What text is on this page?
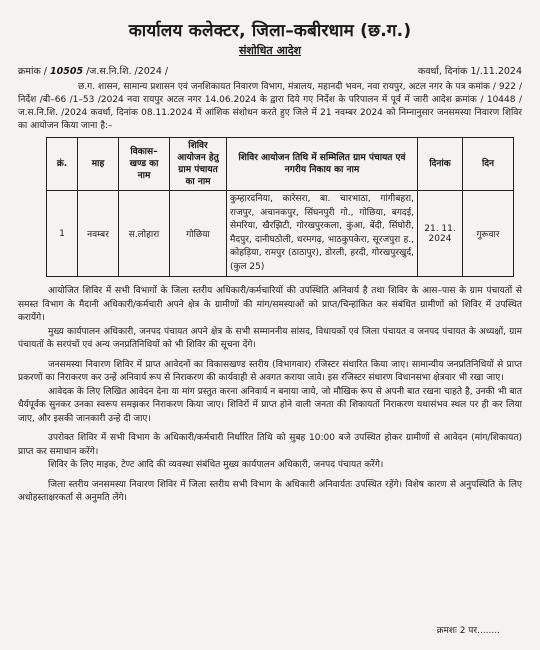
कार्यालय कलेक्टर, जिला–कबीरधाम (छ.ग.)
संशोधित आदेश
क्रमांक / 10505 /ज.स.नि.शि. /2024 /	कवर्धा, दिनांक 1/.11.2024

छ.ग. शासन, सामान्य प्रशासन एवं जनशिकायत निवारण विभाग, मंत्रालय, महानदी भवन, नवा रायपुर, अटल नगर के पत्र कमांक / 922 /निर्देश /बी–66 /1–53 /2024 नवा रायपुर अटल नगर 14.06.2024 के द्वारा दिये गए निर्देश के परिपालन में पूर्व में जारी आदेश क्रमांक / 10448 /ज.स.नि.शि. /2024 कवर्धा, दिनांक 08.11.2024 में आंशिक संशोधन करते हुए जिले में 21 नवम्बर 2024 को निम्नानुसार जनसमस्या निवारण शिविर का आयोजन किया जाना है:–

क्रं.	माह	विकास– खण्ड का नाम	शिविर आयोजन हेतु ग्राम पंचायत का नाम	शिविर आयोजन तिथि में सम्मिलित ग्राम पंचायत एवं नगरीय निकाय का नाम	दिनांक	दिन
1	नवम्बर	स.लोहारा	गोछिया	कुम्हारदनिया, कारेसरा, बा. चारभाठा, गांगीबहरा, राजपुर, अचानकपुर, सिंघनपुरी गो., गोछिया, बगदई, सेमरिया, खैरझिटी, गोरखपुरकला, कुंआ, बेंदी, सिंघोरी, मैदपुर, दानीघठोली, धरमगढ़, भाठकुपकेरा, सूरजपुरा ह., कोहड़िया, रामपुर (ठाठापुर), डोरली, हरदी, गोरखपुरखुर्द, (कुल 25)	21. 11. 2024	गुरूवार

आयोजित शिविर में सभी विभागों के जिला स्तरीय अधिकारी/कर्मचारियों की उपस्थिति अनिवार्य है तथा शिविर के आस–पास के ग्राम पंचायतों से समस्त विभाग के मैदानी अधिकारी/कर्मचारी अपने क्षेत्र के ग्रामीणों की मांग/समस्याओं को प्राप्त/चिन्हांकित कर संबंधित ग्रामीणों को शिविर में उपस्थित करायेंगे।

मुख्य कार्यपालन अधिकारी, जनपद पंचायत अपने क्षेत्र के सभी सम्माननीय सांसद, विधायकों एवं जिला पंचायत व जनपद पंचायत के अध्यक्षों, ग्राम पंचायतों के सरपंचों एवं अन्य जनप्रतिनिधियों को भी शिविर की सूचना देंगे।

जनसमस्या निवारण शिविर में प्राप्त आवेदनों का विकासखण्ड स्तरीय (विभागवार) रजिस्टर संधारित किया जाए। सामान्यीय जनप्रतिनिधियों से प्राप्त प्रकरणों का निराकरण कर उन्हें अनिवार्य रूप से निराकरण की कार्यवाही से अवगत कराया जावे। इस रजिस्टर संधारण विधानसभा क्षेत्रवार भी रखा जाए।

आवेदक के लिए लिखित आवेदन देना या मांग प्रस्तुत करना अनिवार्य न बनाया जाये, जो मौखिक रूप से अपनी बात रखना चाहते है, उनकी भी बात धैर्यपूर्वक सुनकर उनका स्वरूप समझकर निराकरण किया जाए। शिविरों में प्राप्त होने वाली जनता की शिकायतों निराकरण यथासंभव स्थल पर ही कर लिया जाए, और इसकी जानकारी उन्हे दी जाए।

उपरोक्त शिविर में सभी विभाग के अधिकारी/कर्मचारी निर्धारित तिथि को सुबह 10:00 बजे उपस्थित होकर ग्रामीणों से आवेदन (मांग/शिकायत) प्राप्त कर समाधान करेंगे।

शिविर के लिए माइक, टेण्ट आदि की व्यवस्था संबंधित मुख्य कार्यपालन अधिकारी, जनपद पंचायत करेंगे।

जिला स्तरीय जनसमस्या निवारण शिविर में जिला स्तरीय सभी विभाग के अधिकारी अनिवार्यतः उपस्थित रहेंगे। विशेष कारण से अनुपस्थिति के लिए अधोहस्ताक्षरकर्ता से अनुमति लेंगे।

क्रमशः 2 पर........
